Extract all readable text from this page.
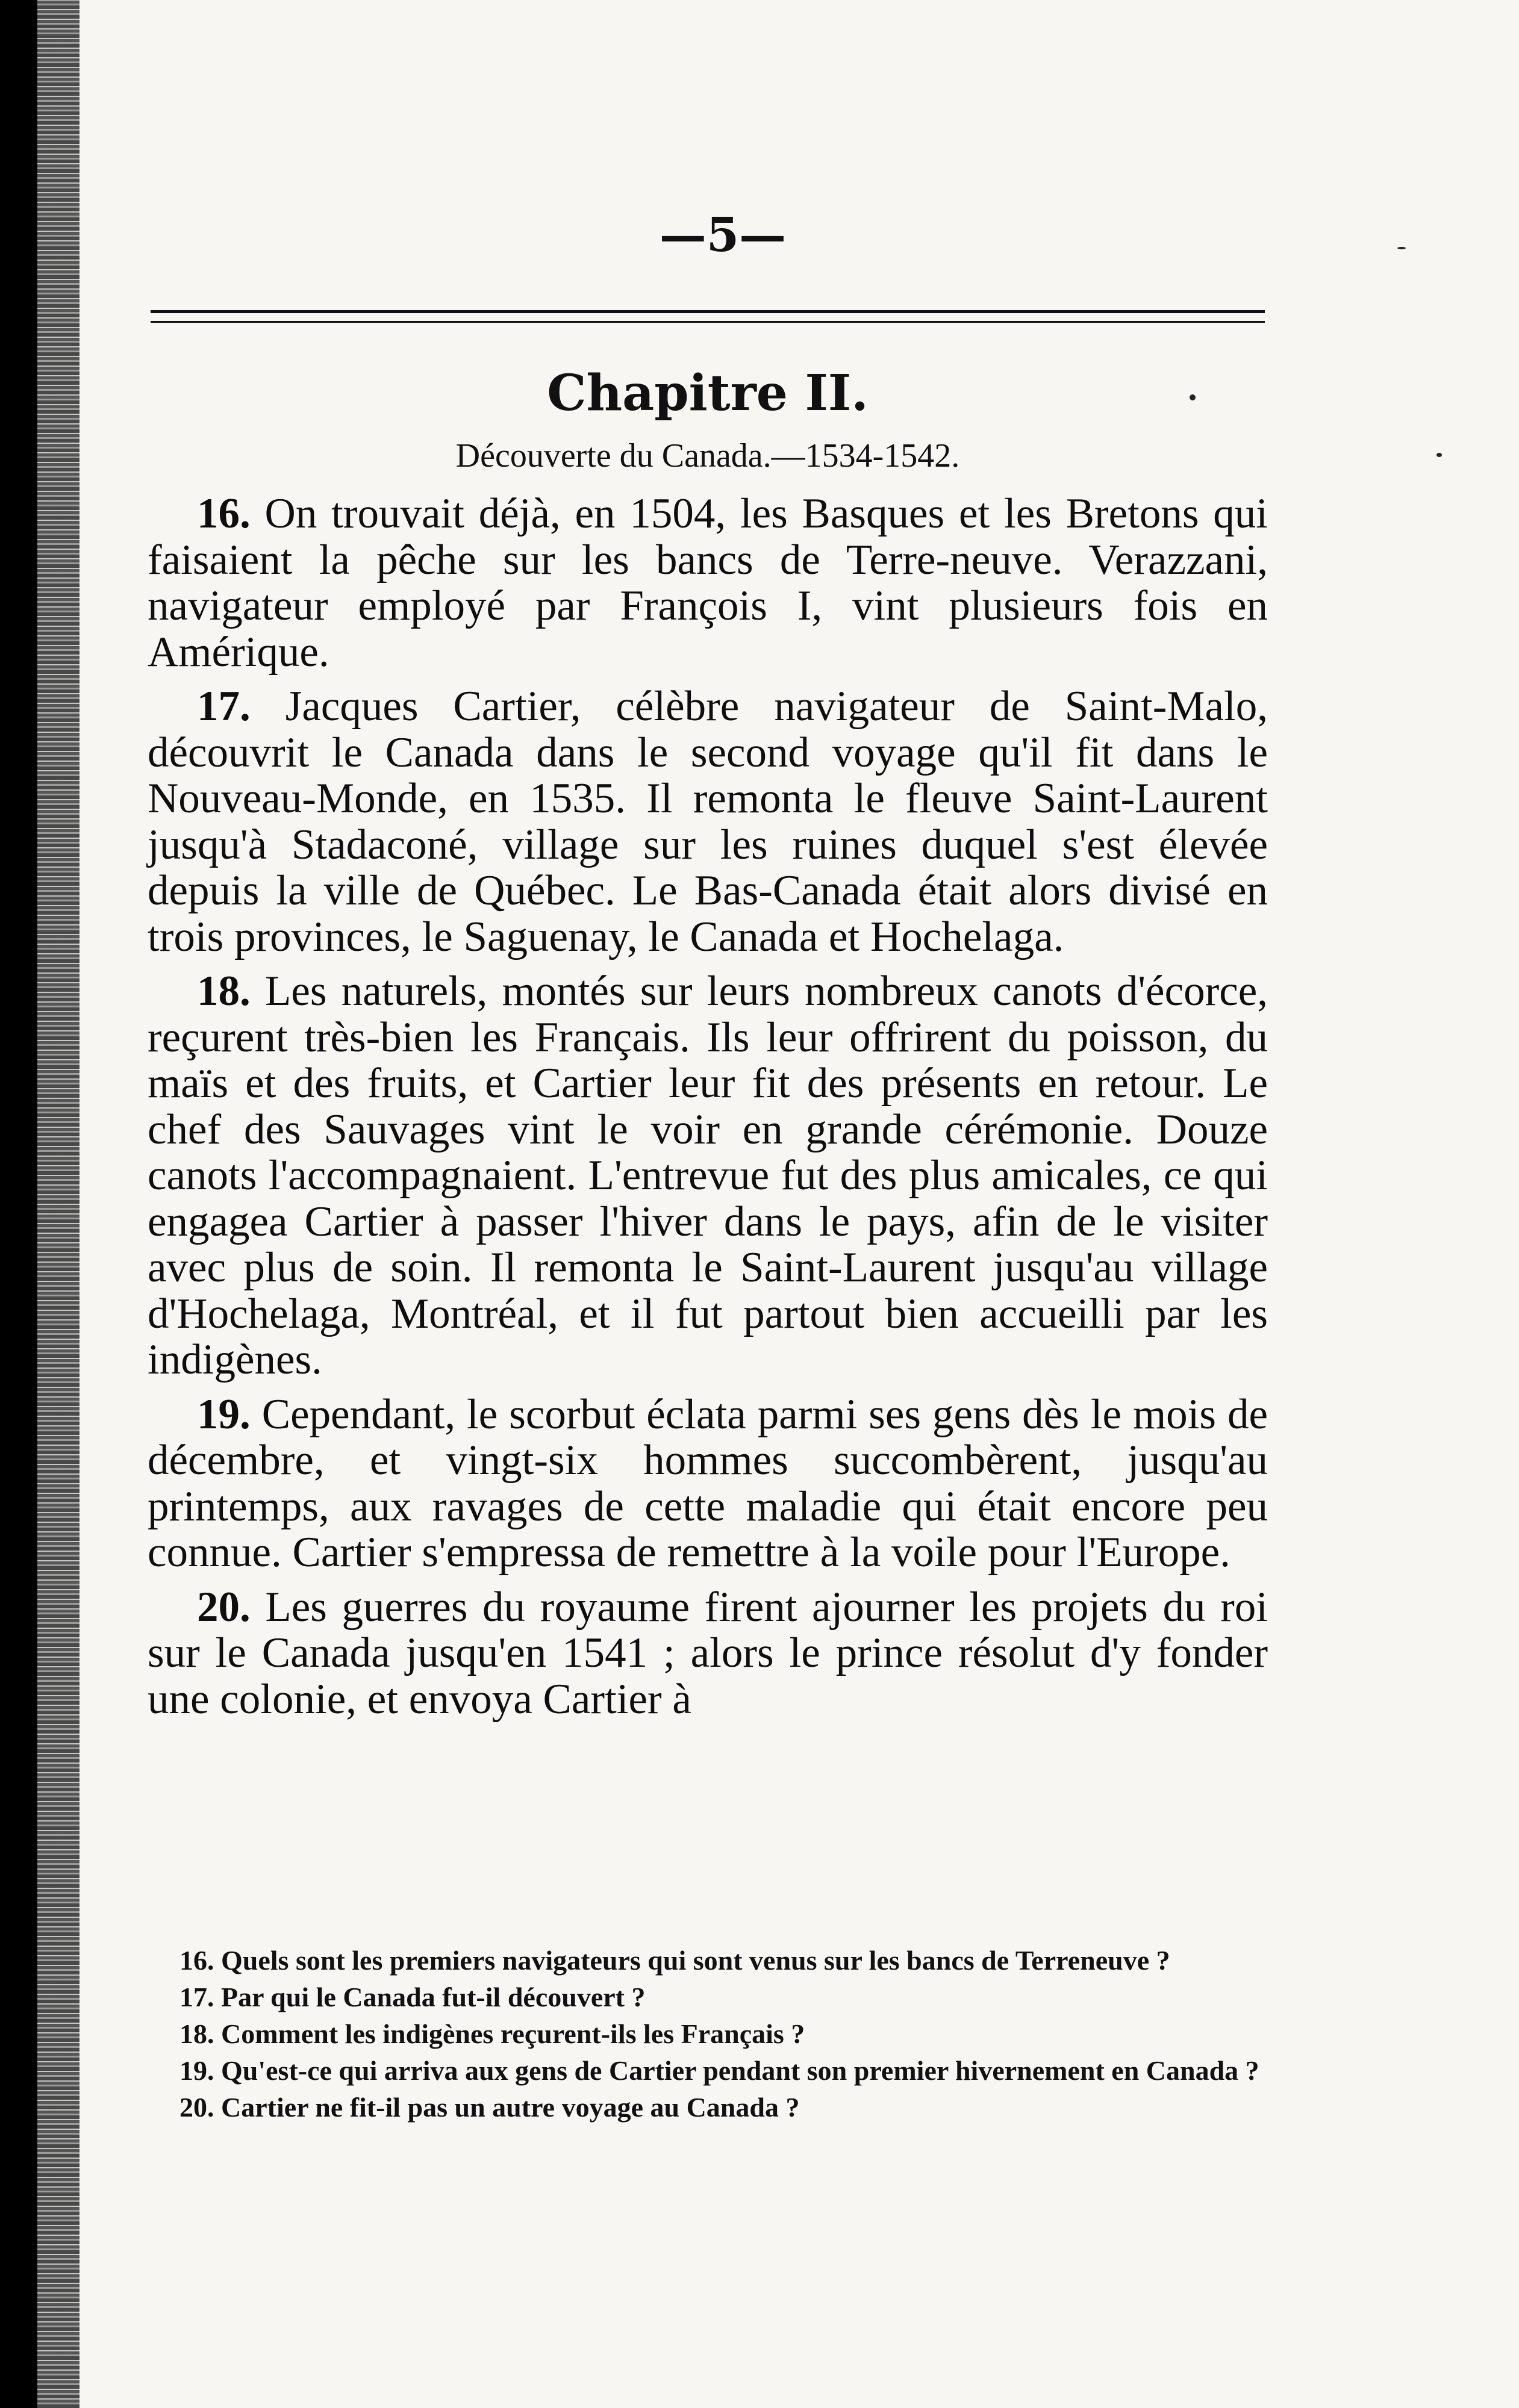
—5—
Chapitre II.
Découverte du Canada.—1534-1542.

16. On trouvait déjà, en 1504, les Basques et les Bretons qui faisaient la pêche sur les bancs de Terre-neuve. Verazzani, navigateur employé par François I, vint plusieurs fois en Amérique.

17. Jacques Cartier, célèbre navigateur de Saint-Malo, découvrit le Canada dans le second voyage qu'il fit dans le Nouveau-Monde, en 1535. Il remonta le fleuve Saint-Laurent jusqu'à Stadaconé, village sur les ruines duquel s'est élevée depuis la ville de Québec. Le Bas-Canada était alors divisé en trois provinces, le Saguenay, le Canada et Hochelaga.

18. Les naturels, montés sur leurs nombreux canots d'écorce, reçurent très-bien les Français. Ils leur offrirent du poisson, du maïs et des fruits, et Cartier leur fit des présents en retour. Le chef des Sauvages vint le voir en grande cérémonie. Douze canots l'accompagnaient. L'entrevue fut des plus amicales, ce qui engagea Cartier à passer l'hiver dans le pays, afin de le visiter avec plus de soin. Il remonta le Saint-Laurent jusqu'au village d'Hochelaga, Montréal, et il fut partout bien accueilli par les indigènes.

19. Cependant, le scorbut éclata parmi ses gens dès le mois de décembre, et vingt-six hommes succombèrent, jusqu'au printemps, aux ravages de cette maladie qui était encore peu connue. Cartier s'empressa de remettre à la voile pour l'Europe.

20. Les guerres du royaume firent ajourner les projets du roi sur le Canada jusqu'en 1541 ; alors le prince résolut d'y fonder une colonie, et envoya Cartier à

16. Quels sont les premiers navigateurs qui sont venus sur les bancs de Terreneuve ?

17. Par qui le Canada fut-il découvert ?

18. Comment les indigènes reçurent-ils les Français ?

19. Qu'est-ce qui arriva aux gens de Cartier pendant son premier hivernement en Canada ?

20. Cartier ne fit-il pas un autre voyage au Canada ?
